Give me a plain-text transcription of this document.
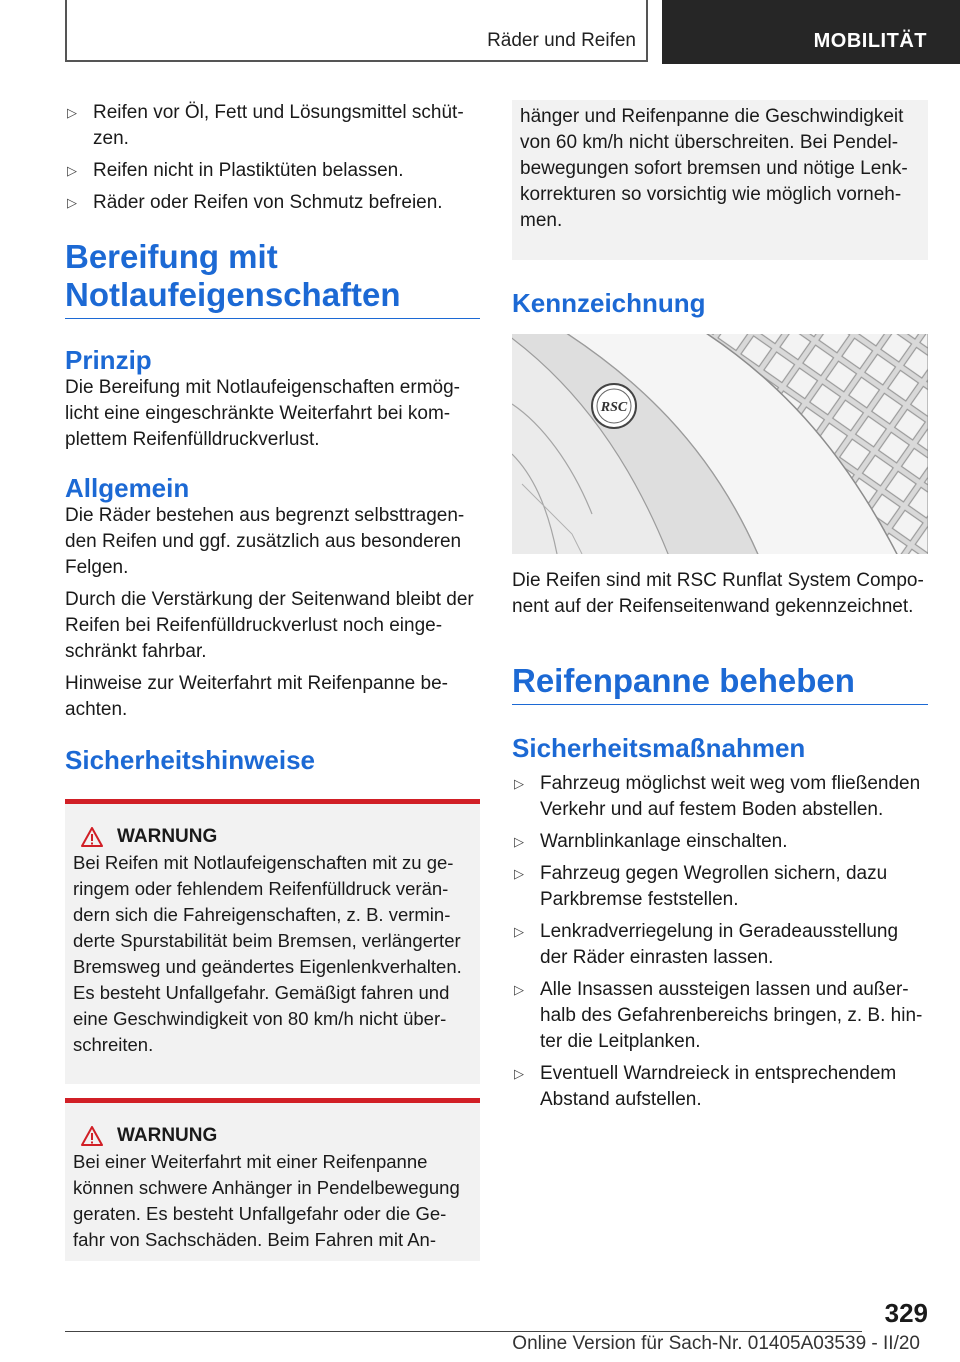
Räder und Reifen	MOBILITÄT
▷ Reifen vor Öl, Fett und Lösungsmittel schüt-zen.
▷ Reifen nicht in Plastiktüten belassen.
▷ Räder oder Reifen von Schmutz befreien.
Bereifung mit Notlaufeigenschaften
Prinzip

Die Bereifung mit Notlaufeigenschaften ermög-licht eine eingeschränkte Weiterfahrt bei kom-plettem Reifenfülldruckverlust.

Allgemein

Die Räder bestehen aus begrenzt selbsttragen-den Reifen und ggf. zusätzlich aus besonderen Felgen.

Durch die Verstärkung der Seitenwand bleibt der Reifen bei Reifenfülldruckverlust noch einge-schränkt fahrbar.

Hinweise zur Weiterfahrt mit Reifenpanne be-achten.

Sicherheitshinweise
WARNUNG

Bei Reifen mit Notlaufeigenschaften mit zu ge-ringem oder fehlendem Reifenfülldruck verän-dern sich die Fahreigenschaften, z. B. vermin-derte Spurstabilität beim Bremsen, verlängerter Bremsweg und geändertes Eigenlenkverhalten. Es besteht Unfallgefahr. Gemäßigt fahren und eine Geschwindigkeit von 80 km/h nicht über-schreiten.

WARNUNG

Bei einer Weiterfahrt mit einer Reifenpanne können schwere Anhänger in Pendelbewegung geraten. Es besteht Unfallgefahr oder die Ge-fahr von Sachschäden. Beim Fahren mit An-

hänger und Reifenpanne die Geschwindigkeit von 60 km/h nicht überschreiten. Bei Pendel-bewegungen sofort bremsen und nötige Lenk-korrekturen so vorsichtig wie möglich vorneh-men.

Kennzeichnung
RSC

Die Reifen sind mit RSC Runflat System Compo-nent auf der Reifenseitenwand gekennzeichnet.

Reifenpanne beheben
Sicherheitsmaßnahmen
▷ Fahrzeug möglichst weit weg vom fließenden Verkehr und auf festem Boden abstellen.
▷ Warnblinkanlage einschalten.
▷ Fahrzeug gegen Wegrollen sichern, dazu Parkbremse feststellen.
▷ Lenkradverriegelung in Geradeausstellung der Räder einrasten lassen.
▷ Alle Insassen aussteigen lassen und außer-halb des Gefahrenbereichs bringen, z. B. hin-ter die Leitplanken.
▷ Eventuell Warndreieck in entsprechendem Abstand aufstellen.
329
Online Version für Sach-Nr. 01405A03539 - II/20
